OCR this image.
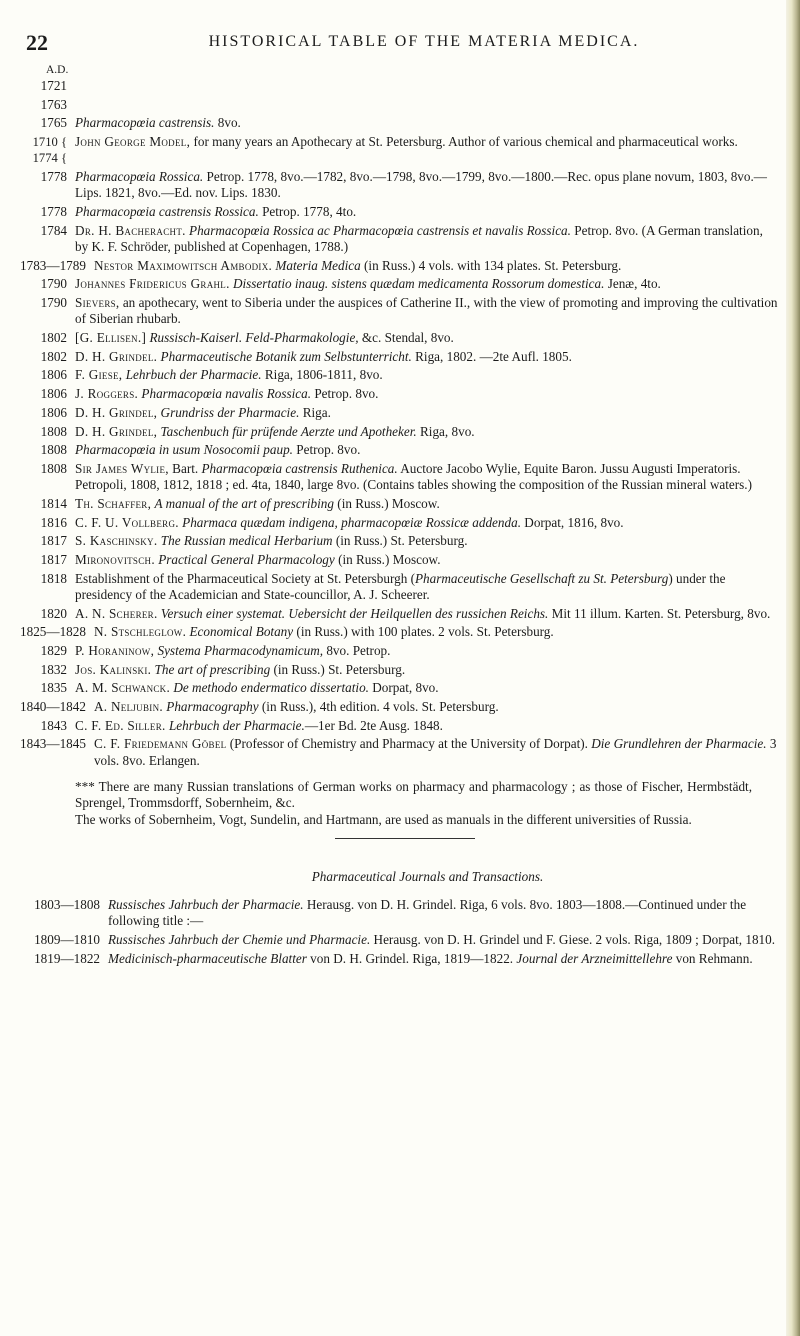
22	HISTORICAL TABLE OF THE MATERIA MEDICA.
A.D.
1721
1763
1765 Pharmacopœia castrensis. 8vo.
1710 {
1774 {
John George Model, for many years an Apothecary at St. Petersburg. Author of various chemical and pharmaceutical works.
1778 Pharmacopœia Rossica. Petrop. 1778, 8vo.—1782, 8vo.—1798, 8vo.—1799, 8vo.—1800.—Rec. opus plane novum, 1803, 8vo.—Lips. 1821, 8vo.—Ed. nov. Lips. 1830.
1778 Pharmacopœia castrensis Rossica. Petrop. 1778, 4to.
1784 Dr. H. Bacheracht. Pharmacopœia Rossica ac Pharmacopœia castrensis et navalis Rossica. Petrop. 8vo. (A German translation, by K. F. Schröder, published at Copenhagen, 1788.)
1783—1789 Nestor Maximowitsch Ambodix. Materia Medica (in Russ.) 4 vols. with 134 plates. St. Petersburg.
1790 Johannes Fridericus Grahl. Dissertatio inaug. sistens quædam medicamenta Rossorum domestica. Jenæ, 4to.
1790 Sievers, an apothecary, went to Siberia under the auspices of Catherine II., with the view of promoting and improving the cultivation of Siberian rhubarb.
1802 [G. Ellisen.] Russisch-Kaiserl. Feld-Pharmakologie, &c. Stendal, 8vo.
1802 D. H. Grindel. Pharmaceutische Botanik zum Selbstunterricht. Riga, 1802. —2te Aufl. 1805.
1806 F. Giese, Lehrbuch der Pharmacie. Riga, 1806-1811, 8vo.
1806 J. Roggers. Pharmacopœia navalis Rossica. Petrop. 8vo.
1806 D. H. Grindel, Grundriss der Pharmacie. Riga.
1808 D. H. Grindel, Taschenbuch für prüfende Aerzte und Apotheker. Riga, 8vo.
1808 Pharmacopœia in usum Nosocomii paup. Petrop. 8vo.
1808 Sir James Wylie, Bart. Pharmacopœia castrensis Ruthenica. Auctore Jacobo Wylie, Equite Baron. Jussu Augusti Imperatoris. Petropoli, 1808, 1812, 1818 ; ed. 4ta, 1840, large 8vo. (Contains tables showing the composition of the Russian mineral waters.)
1814 Th. Schaffer, A manual of the art of prescribing (in Russ.) Moscow.
1816 C. F. U. Vollberg. Pharmaca quædam indigena, pharmacopœiæ Rossicæ addenda. Dorpat, 1816, 8vo.
1817 S. Kaschinsky. The Russian medical Herbarium (in Russ.) St. Petersburg.
1817 Mironovitsch. Practical General Pharmacology (in Russ.) Moscow.
1818 Establishment of the Pharmaceutical Society at St. Petersburgh (Pharmaceutische Gesellschaft zu St. Petersburg) under the presidency of the Academician and State-councillor, A. J. Scheerer.
1820 A. N. Scherer. Versuch einer systemat. Uebersicht der Heilquellen des russichen Reichs. Mit 11 illum. Karten. St. Petersburg, 8vo.
1825—1828 N. Stschleglow. Economical Botany (in Russ.) with 100 plates. 2 vols. St. Petersburg.
1829 P. Horaninow, Systema Pharmacodynamicum, 8vo. Petrop.
1832 Jos. Kalinski. The art of prescribing (in Russ.) St. Petersburg.
1835 A. M. Schwanck. De methodo endermatico dissertatio. Dorpat, 8vo.
1840—1842 A. Neljubin. Pharmacography (in Russ.), 4th edition. 4 vols. St. Petersburg.
1843 C. F. Ed. Siller. Lehrbuch der Pharmacie.—1er Bd. 2te Ausg. 1848.
1843—1845 C. F. Friedemann Göbel (Professor of Chemistry and Pharmacy at the University of Dorpat). Die Grundlehren der Pharmacie. 3 vols. 8vo. Erlangen.

*** There are many Russian translations of German works on pharmacy and pharmacology ; as those of Fischer, Hermbstädt, Sprengel, Trommsdorff, Sobernheim, &c.

The works of Sobernheim, Vogt, Sundelin, and Hartmann, are used as manuals in the different universities of Russia.

Pharmaceutical Journals and Transactions.
1803—1808 Russisches Jahrbuch der Pharmacie. Herausg. von D. H. Grindel. Riga, 6 vols. 8vo. 1803—1808.—Continued under the following title :—
1809—1810 Russisches Jahrbuch der Chemie und Pharmacie. Herausg. von D. H. Grindel und F. Giese. 2 vols. Riga, 1809 ; Dorpat, 1810.
1819—1822 Medicinisch-pharmaceutische Blatter von D. H. Grindel. Riga, 1819—1822. Journal der Arzneimittellehre von Rehmann.
